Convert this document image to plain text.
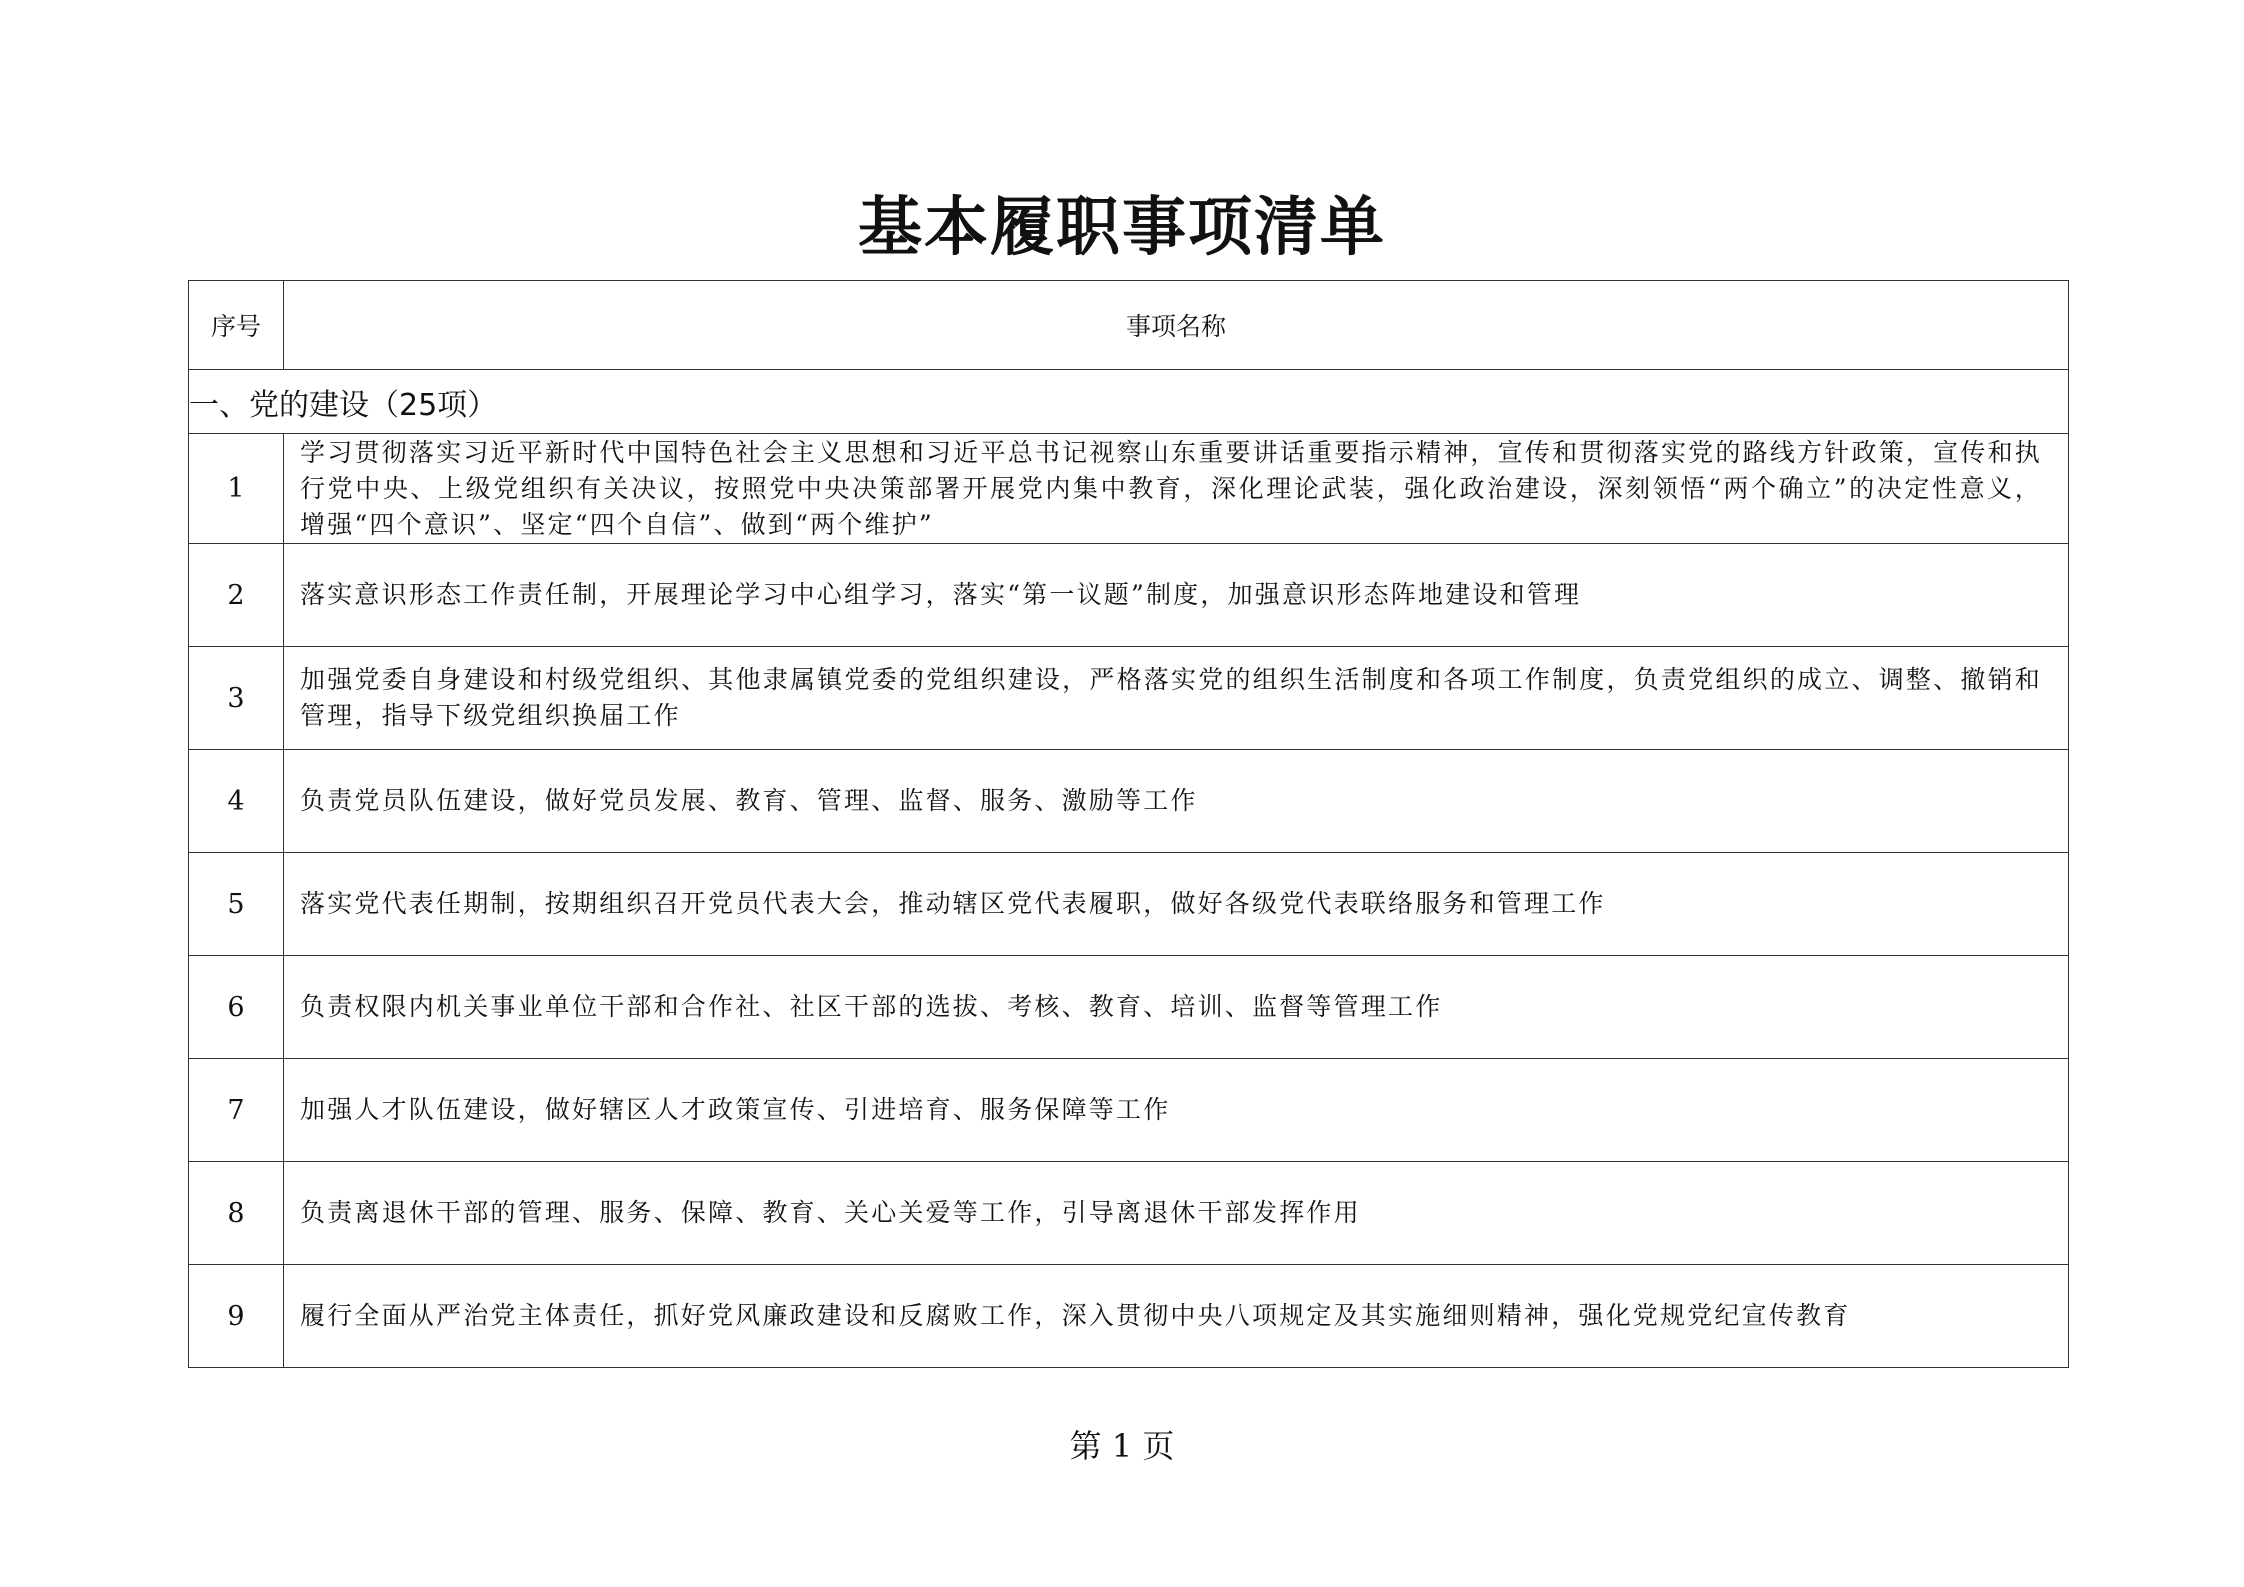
基本履职事项清单
序号	事项名称
一、党的建设（25项）	
1	学习贯彻落实习近平新时代中国特色社会主义思想和习近平总书记视察山东重要讲话重要指示精神，宣传和贯彻落实党的路线方针政策，宣传和执行党中央、上级党组织有关决议，按照党中央决策部署开展党内集中教育，深化理论武装，强化政治建设，深刻领悟“两个确立”的决定性意义，增强“四个意识”、坚定“四个自信”、做到“两个维护”
2	落实意识形态工作责任制，开展理论学习中心组学习，落实“第一议题”制度，加强意识形态阵地建设和管理
3	加强党委自身建设和村级党组织、其他隶属镇党委的党组织建设，严格落实党的组织生活制度和各项工作制度，负责党组织的成立、调整、撤销和管理，指导下级党组织换届工作
4	负责党员队伍建设，做好党员发展、教育、管理、监督、服务、激励等工作
5	落实党代表任期制，按期组织召开党员代表大会，推动辖区党代表履职，做好各级党代表联络服务和管理工作
6	负责权限内机关事业单位干部和合作社、社区干部的选拔、考核、教育、培训、监督等管理工作
7	加强人才队伍建设，做好辖区人才政策宣传、引进培育、服务保障等工作
8	负责离退休干部的管理、服务、保障、教育、关心关爱等工作，引导离退休干部发挥作用
9	履行全面从严治党主体责任，抓好党风廉政建设和反腐败工作，深入贯彻中央八项规定及其实施细则精神，强化党规党纪宣传教育
第 1 页
